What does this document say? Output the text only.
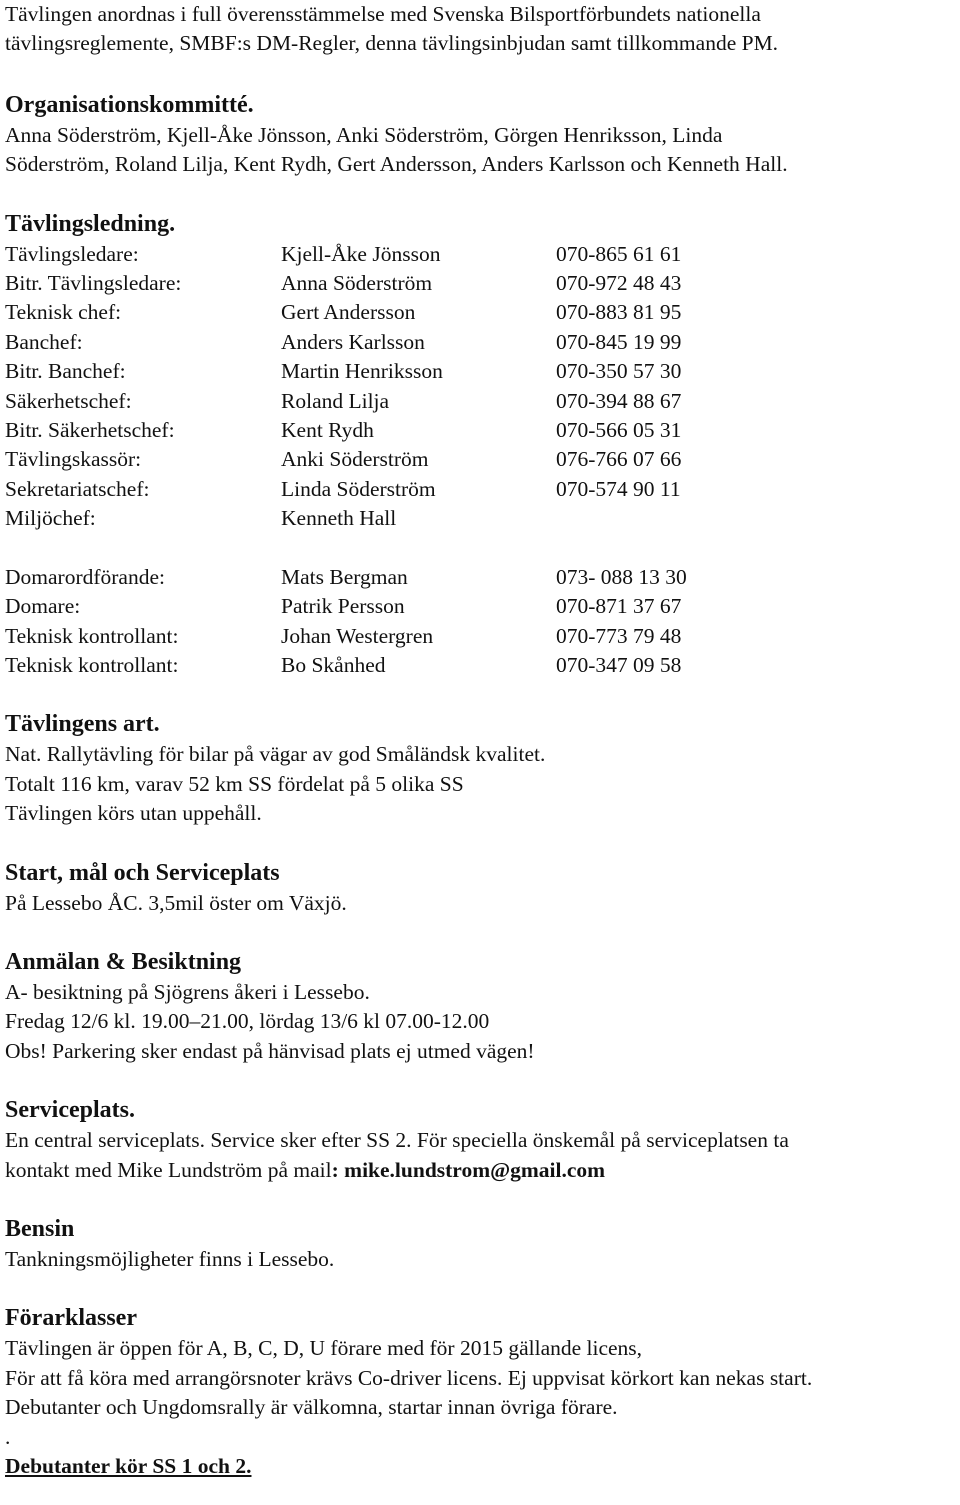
Tävlingen anordnas i full överensstämmelse med Svenska Bilsportförbundets nationella

tävlingsreglemente, SMBF:s DM-Regler, denna tävlingsinbjudan samt tillkommande PM.

Organisationskommitté.

Anna Söderström, Kjell-Åke Jönsson, Anki Söderström, Görgen Henriksson, Linda

Söderström, Roland Lilja, Kent Rydh, Gert Andersson, Anders Karlsson och Kenneth Hall.

Tävlingsledning.

Tävlingsledare:	Kjell-Åke Jönsson	070-865 61 61
Bitr. Tävlingsledare:	Anna Söderström	070-972 48 43
Teknisk chef:	Gert Andersson	070-883 81 95
Banchef:	Anders Karlsson	070-845 19 99
Bitr. Banchef:	Martin Henriksson	070-350 57 30
Säkerhetschef:	Roland Lilja	070-394 88 67
Bitr. Säkerhetschef:	Kent Rydh	070-566 05 31
Tävlingskassör:	Anki Söderström	076-766 07 66
Sekretariatschef:	Linda Söderström	070-574 90 11
Miljöchef:	Kenneth Hall	
Domarordförande:	Mats Bergman	073- 088 13 30
Domare:	Patrik Persson	070-871 37 67
Teknisk kontrollant:	Johan Westergren	070-773 79 48
Teknisk kontrollant:	Bo Skånhed	070-347 09 58

Tävlingens art.

Nat. Rallytävling för bilar på vägar av god Småländsk kvalitet.

Totalt 116 km, varav 52 km SS fördelat på 5 olika SS

Tävlingen körs utan uppehåll.

Start, mål och Serviceplats

På Lessebo ÅC. 3,5mil öster om Växjö.

Anmälan & Besiktning

A- besiktning på Sjögrens åkeri i Lessebo.

Fredag 12/6 kl. 19.00–21.00, lördag 13/6 kl 07.00-12.00

Obs! Parkering sker endast på hänvisad plats ej utmed vägen!

Serviceplats.

En central serviceplats. Service sker efter SS 2. För speciella önskemål på serviceplatsen ta

kontakt med Mike Lundström på mail: mike.lundstrom@gmail.com

Bensin

Tankningsmöjligheter finns i Lessebo.

Förarklasser

Tävlingen är öppen för A, B, C, D, U förare med för 2015 gällande licens,

För att få köra med arrangörsnoter krävs Co-driver licens. Ej uppvisat körkort kan nekas start.

Debutanter och Ungdomsrally är välkomna, startar innan övriga förare.

.

Debutanter kör SS 1 och 2.
